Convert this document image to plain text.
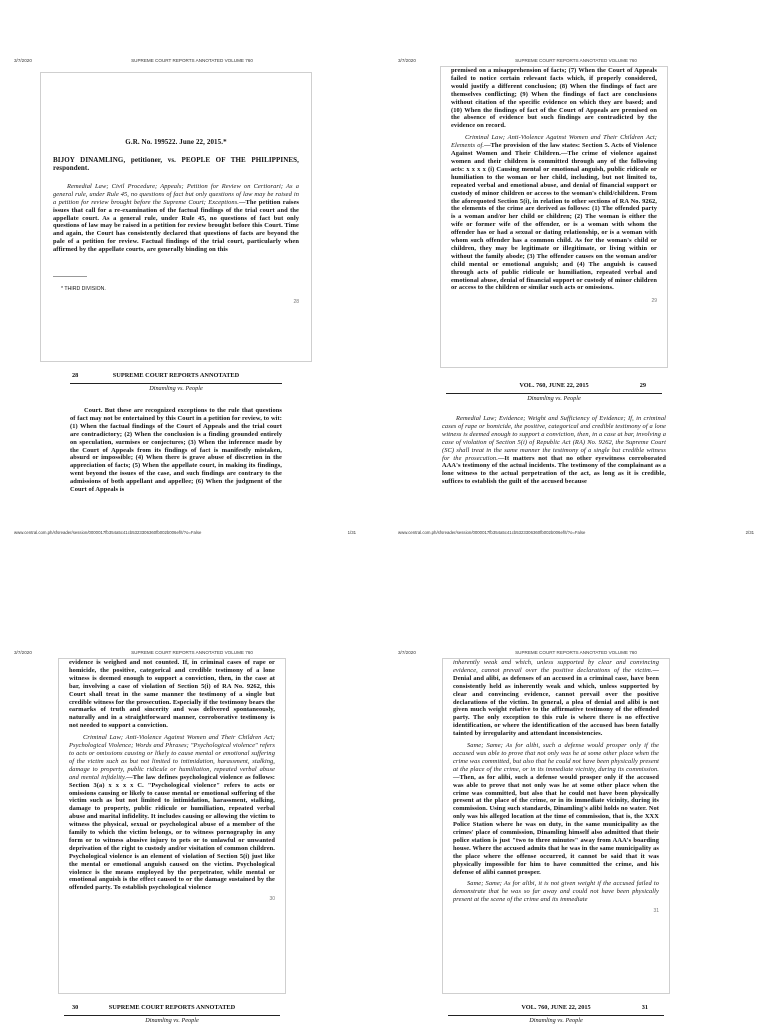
3/7/2020	SUPREME COURT REPORTS ANNOTATED VOLUME 760
G.R. No. 199522. June 22, 2015.*
BIJOY DINAMLING, petitioner, vs. PEOPLE OF THE PHILIPPINES, respondent.
Remedial Law; Civil Procedure; Appeals; Petition for Review on Certiorari; As a general rule, under Rule 45, no questions of fact but only questions of law may be raised in a petition for review brought before the Supreme Court; Exceptions.—The petition raises issues that call for a re-examination of the factual findings of the trial court and the appellate court. As a general rule, under Rule 45, no questions of fact but only questions of law may be raised in a petition for review brought before this Court. Time and again, the Court has consistently declared that questions of facts are beyond the pale of a petition for review. Factual findings of the trial court, particularly when affirmed by the appellate courts, are generally binding on this
* THIRD DIVISION.
28
28	SUPREME COURT REPORTS ANNOTATED
Dinamling vs. People
Court. But these are recognized exceptions to the rule that questions of fact may not be entertained by this Court in a petition for review, to wit: (1) When the factual findings of the Court of Appeals and the trial court are contradictory; (2) When the conclusion is a finding grounded entirely on speculation, surmises or conjectures; (3) When the inference made by the Court of Appeals from its findings of fact is manifestly mistaken, absurd or impossible; (4) When there is grave abuse of discretion in the appreciation of facts; (5) When the appellate court, in making its findings, went beyond the issues of the case, and such findings are contrary to the admissions of both appellant and appellee; (6) When the judgment of the Court of Appeals is
www.central.com.ph/sfsreader/session/0000017fb354a5c41cb5323306360fb002b006ef/t/?o=False	1/31
3/7/2020	SUPREME COURT REPORTS ANNOTATED VOLUME 760
premised on a misapprehension of facts; (7) When the Court of Appeals failed to notice certain relevant facts which, if properly considered, would justify a different conclusion; (8) When the findings of fact are themselves conflicting; (9) When the findings of fact are conclusions without citation of the specific evidence on which they are based; and (10) When the findings of fact of the Court of Appeals are premised on the absence of evidence but such findings are contradicted by the evidence on record.
Criminal Law; Anti-Violence Against Women and Their Children Act; Elements of.—The provision of the law states: Section 5. Acts of Violence Against Women and Their Children.—The crime of violence against women and their children is committed through any of the following acts: x x x x (i) Causing mental or emotional anguish, public ridicule or humiliation to the woman or her child, including, but not limited to, repeated verbal and emotional abuse, and denial of financial support or custody of minor children or access to the woman's child/children. From the aforequoted Section 5(i), in relation to other sections of RA No. 9262, the elements of the crime are derived as follows: (1) The offended party is a woman and/or her child or children; (2) The woman is either the wife or former wife of the offender, or is a woman with whom the offender has or had a sexual or dating relationship, or is a woman with whom such offender has a common child. As for the woman's child or children, they may be legitimate or illegitimate, or living within or without the family abode; (3) The offender causes on the woman and/or child mental or emotional anguish; and (4) The anguish is caused through acts of public ridicule or humiliation, repeated verbal and emotional abuse, denial of financial support or custody of minor children or access to the children or similar such acts or omissions.
29
VOL. 760, JUNE 22, 2015	29
Dinamling vs. People
Remedial Law; Evidence; Weight and Sufficiency of Evidence; If, in criminal cases of rape or homicide, the positive, categorical and credible testimony of a lone witness is deemed enough to support a conviction, then, in a case at bar, involving a case of violation of Section 5(i) of Republic Act (RA) No. 9262, the Supreme Court (SC) shall treat in the same manner the testimony of a single but credible witness for the prosecution.—It matters not that no other eyewitness corroborated AAA's testimony of the actual incidents. The testimony of the complainant as a lone witness to the actual perpetration of the act, as long as it is credible, suffices to establish the guilt of the accused because
www.central.com.ph/sfsreader/session/0000017fb354a5c41cb5323306360fb002b006ef/t/?o=False	2/31
3/7/2020	SUPREME COURT REPORTS ANNOTATED VOLUME 760
evidence is weighed and not counted. If, in criminal cases of rape or homicide, the positive, categorical and credible testimony of a lone witness is deemed enough to support a conviction, then, in the case at bar, involving a case of violation of Section 5(i) of RA No. 9262, this Court shall treat in the same manner the testimony of a single but credible witness for the prosecution. Especially if the testimony bears the earmarks of truth and sincerity and was delivered spontaneously, naturally and in a straightforward manner, corroborative testimony is not needed to support a conviction.
Criminal Law; Anti-Violence Against Women and Their Children Act; Psychological Violence; Words and Phrases; "Psychological violence" refers to acts or omissions causing or likely to cause mental or emotional suffering of the victim such as but not limited to intimidation, harassment, stalking, damage to property, public ridicule or humiliation, repeated verbal abuse and mental infidelity.—The law defines psychological violence as follows: Section 3(a) x x x x C. "Psychological violence" refers to acts or omissions causing or likely to cause mental or emotional suffering of the victim such as but not limited to intimidation, harassment, stalking, damage to property, public ridicule or humiliation, repeated verbal abuse and marital infidelity. It includes causing or allowing the victim to witness the physical, sexual or psychological abuse of a member of the family to which the victim belongs, or to witness pornography in any form or to witness abusive injury to pets or to unlawful or unwanted deprivation of the right to custody and/or visitation of common children. Psychological violence is an element of violation of Section 5(i) just like the mental or emotional anguish caused on the victim. Psychological violence is the means employed by the perpetrator, while mental or emotional anguish is the effect caused to or the damage sustained by the offended party. To establish psychological violence
30
30	SUPREME COURT REPORTS ANNOTATED
Dinamling vs. People
3/7/2020	SUPREME COURT REPORTS ANNOTATED VOLUME 760
inherently weak and which, unless supported by clear and convincing evidence, cannot prevail over the positive declarations of the victim.—Denial and alibi, as defenses of an accused in a criminal case, have been consistently held as inherently weak and which, unless supported by clear and convincing evidence, cannot prevail over the positive declarations of the victim. In general, a plea of denial and alibi is not given much weight relative to the affirmative testimony of the offended party. The only exception to this rule is where there is no effective identification, or where the identification of the accused has been fatally tainted by irregularity and attendant inconsistencies.
Same; Same; As for alibi, such a defense would prosper only if the accused was able to prove that not only was he at some other place when the crime was committed, but also that he could not have been physically present at the place of the crime, or in its immediate vicinity, during its commission.—Then, as for alibi, such a defense would prosper only if the accused was able to prove that not only was he at some other place when the crime was committed, but also that he could not have been physically present at the place of the crime, or in its immediate vicinity, during its commission. Using such standards, Dinamling's alibi holds no water. Not only was his alleged location at the time of commission, that is, the XXX Police Station where he was on duty, in the same municipality as the crimes' place of commission, Dinamling himself also admitted that their police station is just "two to three minutes" away from AAA's boarding house. Where the accused admits that he was in the same municipality as the place where the offense occurred, it cannot be said that it was physically impossible for him to have committed the crime, and his defense of alibi cannot prosper.
Same; Same; As for alibi, it is not given weight if the accused failed to demonstrate that he was so far away and could not have been physically present at the scene of the crime and its immediate
31
VOL. 760, JUNE 22, 2015	31
Dinamling vs. People
